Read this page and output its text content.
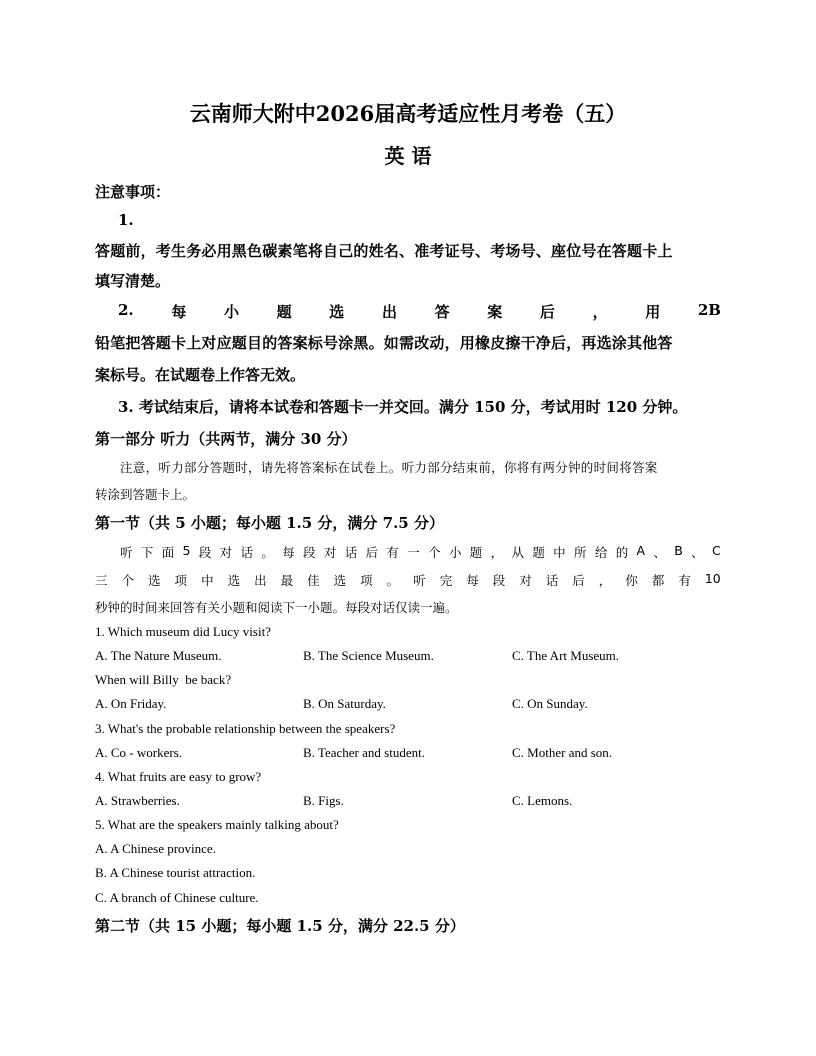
云南师大附中2026届高考适应性月考卷（五）
英 语
注意事项：
1.
答题前，考生务必用黑色碳素笔将自己的姓名、准考证号、考场号、座位号在答题卡上
填写清楚。
2.	每	小	题	选	出	答	案	后	，	用	2B
铅笔把答题卡上对应题目的答案标号涂黑。如需改动，用橡皮擦干净后，再选涂其他答
案标号。在试题卷上作答无效。
3. 考试结束后，请将本试卷和答题卡一并交回。满分 150 分，考试用时 120 分钟。
第一部分 听力（共两节，满分 30 分）
注意，听力部分答题时，请先将答案标在试卷上。听力部分结束前，你将有两分钟的时间将答案
转涂到答题卡上。
第一节（共 5 小题；每小题 1.5 分，满分 7.5 分）
听 下 面 5 段 对 话 。 每 段 对 话 后 有 一 个 小 题 ， 从 题 中 所 给 的 A 、 B 、 C
三 个 选 项 中 选 出 最 佳 选 项 。 听 完 每 段 对 话 后 ， 你 都 有 10
秒钟的时间来回答有关小题和阅读下一小题。每段对话仅读一遍。
1. Which museum did Lucy visit?
A. The Nature Museum.	B. The Science Museum.	C. The Art Museum.
When will Billy  be back?
A. On Friday.	B. On Saturday.	C. On Sunday.
3. What's the probable relationship between the speakers?
A. Co - workers.	B. Teacher and student.	C. Mother and son.
4. What fruits are easy to grow?
A. Strawberries.	B. Figs.	C. Lemons.
5. What are the speakers mainly talking about?
A. A Chinese province.
B. A Chinese tourist attraction.
C. A branch of Chinese culture.
第二节（共 15 小题；每小题 1.5 分，满分 22.5 分）
